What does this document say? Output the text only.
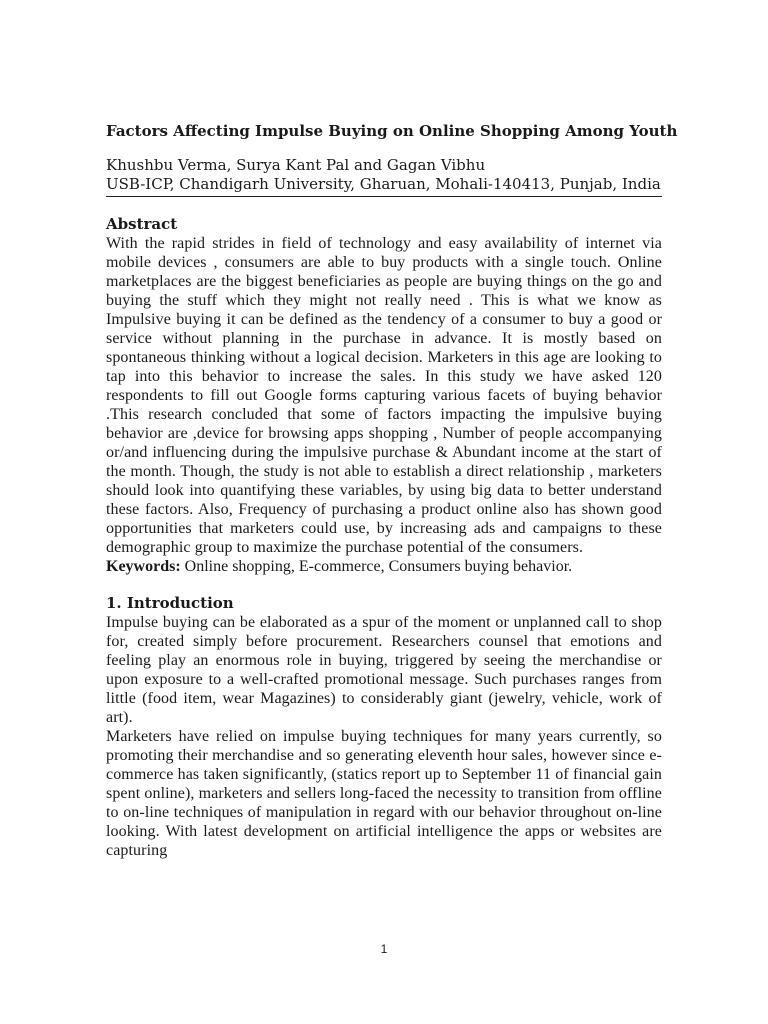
Factors Affecting Impulse Buying on Online Shopping Among Youth

Khushbu Verma, Surya Kant Pal and Gagan Vibhu

USB-ICP, Chandigarh University, Gharuan, Mohali-140413, Punjab, India

Abstract

With the rapid strides in field of technology and easy availability of internet via mobile devices , consumers are able to buy products with a single touch. Online marketplaces are the biggest beneficiaries as people are buying things on the go and buying the stuff which they might not really need . This is what we know as Impulsive buying it can be defined as the tendency of a consumer to buy a good or service without planning in the purchase in advance. It is mostly based on spontaneous thinking without a logical decision. Marketers in this age are looking to tap into this behavior to increase the sales. In this study we have asked 120 respondents to fill out Google forms capturing various facets of buying behavior .This research concluded that some of factors impacting the impulsive buying behavior are ,device for browsing apps shopping , Number of people accompanying or/and influencing during the impulsive purchase & Abundant income at the start of the month. Though, the study is not able to establish a direct relationship , marketers should look into quantifying these variables, by using big data to better understand these factors. Also, Frequency of purchasing a product online also has shown good opportunities that marketers could use, by increasing ads and campaigns to these demographic group to maximize the purchase potential of the consumers.

Keywords: Online shopping, E-commerce, Consumers buying behavior.

1. Introduction

Impulse buying can be elaborated as a spur of the moment or unplanned call to shop for, created simply before procurement. Researchers counsel that emotions and feeling play an enormous role in buying, triggered by seeing the merchandise or upon exposure to a well-crafted promotional message. Such purchases ranges from little (food item, wear Magazines) to considerably giant (jewelry, vehicle, work of art).

Marketers have relied on impulse buying techniques for many years currently, so promoting their merchandise and so generating eleventh hour sales, however since e-commerce has taken significantly, (statics report up to September 11 of financial gain spent online), marketers and sellers long-faced the necessity to transition from offline to on-line techniques of manipulation in regard with our behavior throughout on-line looking. With latest development on artificial intelligence the apps or websites are capturing

1
